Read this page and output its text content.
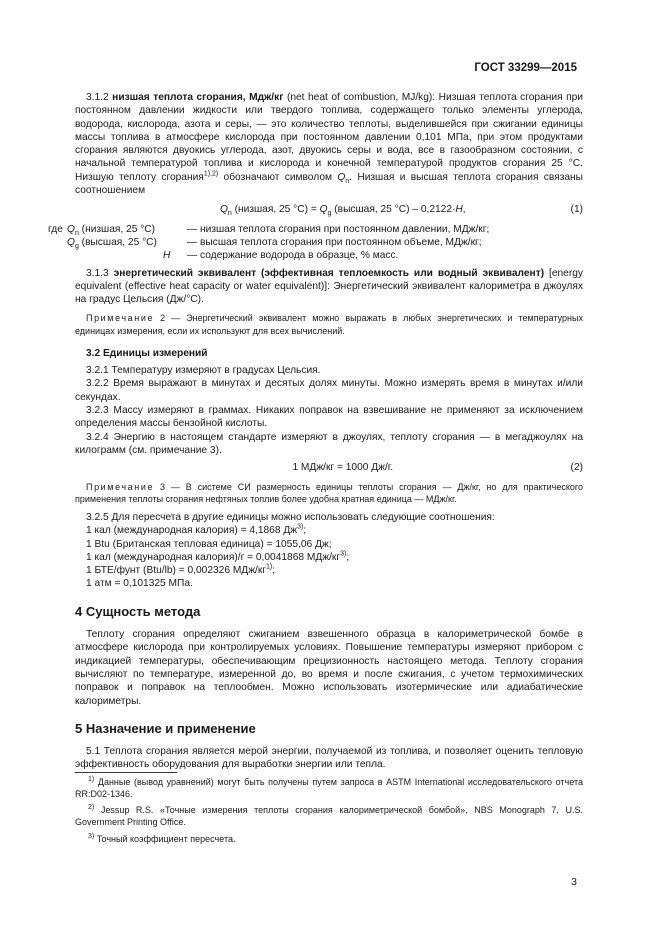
ГОСТ 33299—2015

3.1.2 низшая теплота сгорания, Мдж/кг (net heat of combustion, MJ/kg): Низшая теплота сгорания при постоянном давлении жидкости или твердого топлива, содержащего только элементы углерода, водорода, кислорода, азота и серы, — это количество теплоты, выделившейся при сжигании единицы массы топлива в атмосфере кислорода при постоянном давлении 0,101 МПа, при этом продуктами сгорания являются двуокись углерода, азот, двуокись серы и вода, все в газообразном состоянии, с начальной температурой топлива и кислорода и конечной температурой продуктов сгорания 25 °С. Низшую теплоту сгорания$^{1),2)}$ обозначают символом $Q_n$. Низшая и высшая теплота сгорания связаны соотношением

$Q_n$ (низшая, 25 $^\circ С) = Q_g$ (высшая, 25 °С) – 0,2122·H,	(1)
где $Q_n$ (низшая, 25 °С)	— низшая теплота сгорания при постоянном давлении, МДж/кг;
$Q_g$ (высшая, 25 °С)	— высшая теплота сгорания при постоянном объеме, МДж/кг;
H — содержание водорода в образце, % масс.

3.1.3 энергетический эквивалент (эффективная теплоемкость или водный эквивалент) [energy equivalent (effective heat capacity or water equivalent)]: Энергетический эквивалент калориметра в джоулях на градус Цельсия (Дж/°С).

Примечание 2 — Энергетический эквивалент можно выражать в любых энергетических и температурных единицах измерения, если их используют для всех вычислений.

3.2 Единицы измерений

3.2.1 Температуру измеряют в градусах Цельсия.

3.2.2 Время выражают в минутах и десятых долях минуты. Можно измерять время в минутах и/или секундах.

3.2.3 Массу измеряют в граммах. Никаких поправок на взвешивание не применяют за исключением определения массы бензойной кислоты.

3.2.4 Энергию в настоящем стандарте измеряют в джоулях, теплоту сгорания — в мегаджоулях на килограмм (см. примечание 3).

1 МДж/кг = 1000 Дж/г.	(2)

Примечание 3 — В системе СИ размерность единицы теплоты сгорания — Дж/кг, но для практического применения теплоты сгорания нефтяных топлив более удобна кратная единица — МДж/кг.

3.2.5 Для пересчета в другие единицы можно использовать следующие соотношения:

1 кал (международная калория) = 4,1868 $Дж^{3)}$;

1 Btu (Британская тепловая единица) = 1055,06 Дж;

1 кал (международная калория)/г = 0,0041868 МДж/$кг^{3)}$;

1 БТЕ/фунт (Btu/lb) = 0,002326 МДж/$кг^{1)}$;

1 атм = 0,101325 МПа.

4 Сущность метода

Теплоту сгорания определяют сжиганием взвешенного образца в калориметрической бомбе в атмосфере кислорода при контролируемых условиях. Повышение температуры измеряют прибором с индикацией температуры, обеспечивающим прецизионность настоящего метода. Теплоту сгорания вычисляют по температуре, измеренной до, во время и после сжигания, с учетом термохимических поправок и поправок на теплообмен. Можно использовать изотермические или адиабатические калориметры.

5 Назначение и применение

5.1 Теплота сгорания является мерой энергии, получаемой из топлива, и позволяет оценить тепловую эффективность оборудования для выработки энергии или тепла.

$^{1)}$ Данные (вывод уравнений) могут быть получены путем запроса в ASTM International исследовательского отчета RR:D02-1346.

$^{2)}$ Jessup R.S. «Точные измерения теплоты сгорания калориметрической бомбой», NBS Monograph 7, U.S. Government Printing Office.

$^{3)}$ Точный коэффициент пересчета.

3
